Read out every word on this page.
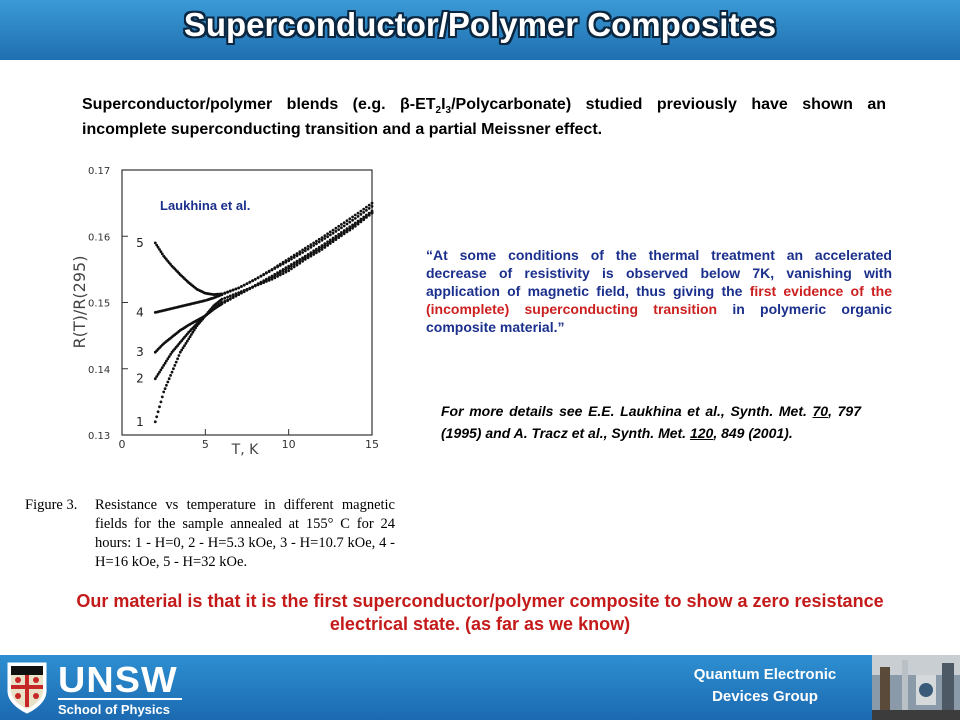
Superconductor/Polymer Composites
Superconductor/polymer blends (e.g. $\beta-ET_2I_3/Polycarbonate$) studied previously have shown an incomplete superconducting transition and a partial Meissner effect.
0.17
0.16
0.15
0.14
0.13
0	5	10	15
1
2
3
4
5
R(T)/R(295)
T, K
Laukhina et al.
“At some conditions of the thermal treatment an accelerated decrease of resistivity is observed below 7K, vanishing with application of magnetic field, thus giving the first evidence of the (incomplete) superconducting transition in polymeric organic composite material.”
For more details see E.E. Laukhina et al., Synth. Met. 70, 797 (1995) and A. Tracz et al., Synth. Met. 120, 849 (2001).
Figure 3.	Resistance vs temperature in different magnetic fields for the sample annealed at 155° C for 24 hours: 1 - H=0, 2 - H=5.3 kOe, 3 - H=10.7 kOe, 4 - H=16 kOe, 5 - H=32 kOe.
Our material is that it is the first superconductor/polymer composite to show a zero resistance electrical state. (as far as we know)
UNSW
School of Physics
Quantum Electronic
Devices Group
